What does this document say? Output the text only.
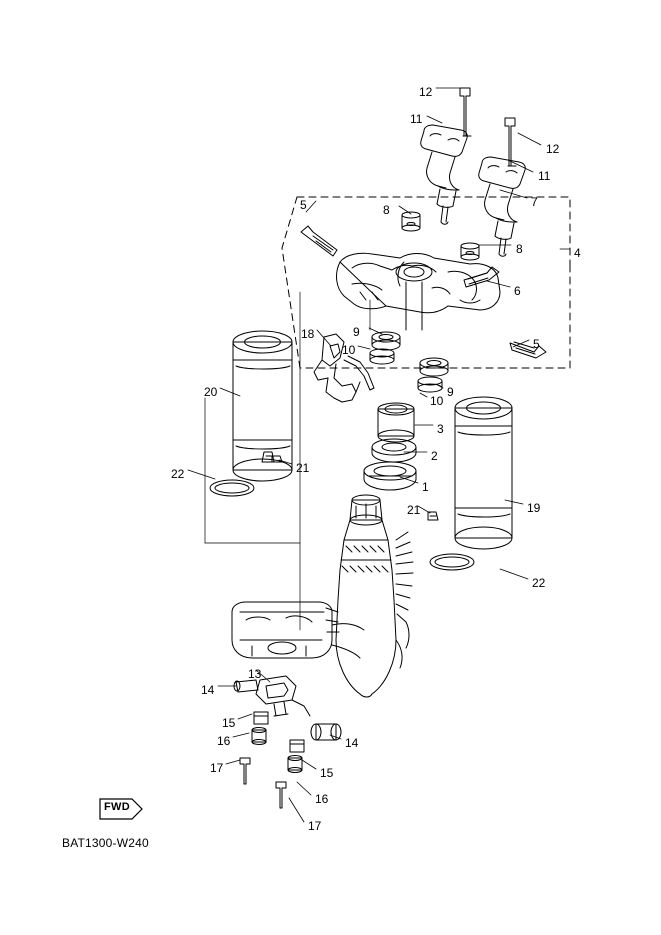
FWD
BAT1300-W240
12
11
12
11
7
5	8
8	4
6
18	9
5
10
9
10
20
3
2
22	21
1
21	19
22
13
14
15
14
16
15
17
16
17
